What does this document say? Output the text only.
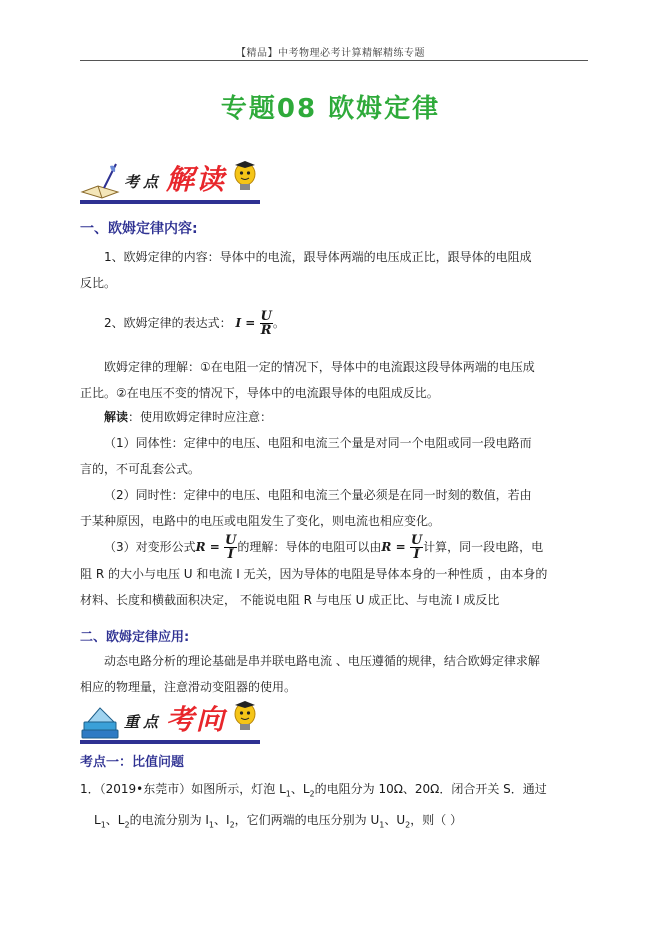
【精品】中考物理必考计算精解精练专题
专题08 欧姆定律
考点 解读
一、欧姆定律内容:
1、欧姆定律的内容：导体中的电流，跟导体两端的电压成正比，跟导体的电阻成
反比。
2、欧姆定律的表达式： $I = \frac{U}{R}$ 。
欧姆定律的理解：①在电阻一定的情况下，导体中的电流跟这段导体两端的电压成
正比。②在电压不变的情况下，导体中的电流跟导体的电阻成反比。
解读：使用欧姆定律时应注意：
（1）同体性：定律中的电压、电阻和电流三个量是对同一个电阻或同一段电路而
言的，不可乱套公式。
（2）同时性：定律中的电压、电阻和电流三个量必须是在同一时刻的数值，若由
于某种原因，电路中的电压或电阻发生了变化，则电流也相应变化。
（3）对变形公式$R = \frac{U}{I}$ 的理解：导体的电阻可以由$R = \frac{U}{I}$ 计算，同一段电路，电
阻 R 的大小与电压 U 和电流 I 无关，因为导体的电阻是导体本身的一种性质 ，由本身的
材料、长度和横截面积决定， 不能说电阻 R 与电压 U 成正比、与电流 I 成反比
二、欧姆定律应用:
动态电路分析的理论基础是串并联电路电流 、电压遵循的规律，结合欧姆定律求解
相应的物理量，注意滑动变阻器的使用。
重点 考向
考点一：比值问题
1．（2019•东莞市）如图所示，灯泡 $L_1$、$L_2$的电阻分为 10Ω、20Ω．闭合开关 S．通过
$L_1$、$L_2$的电流分别为 $I_1$、$I_2$，它们两端的电压分别为 $U_1$、$U_2$，则（ ）
